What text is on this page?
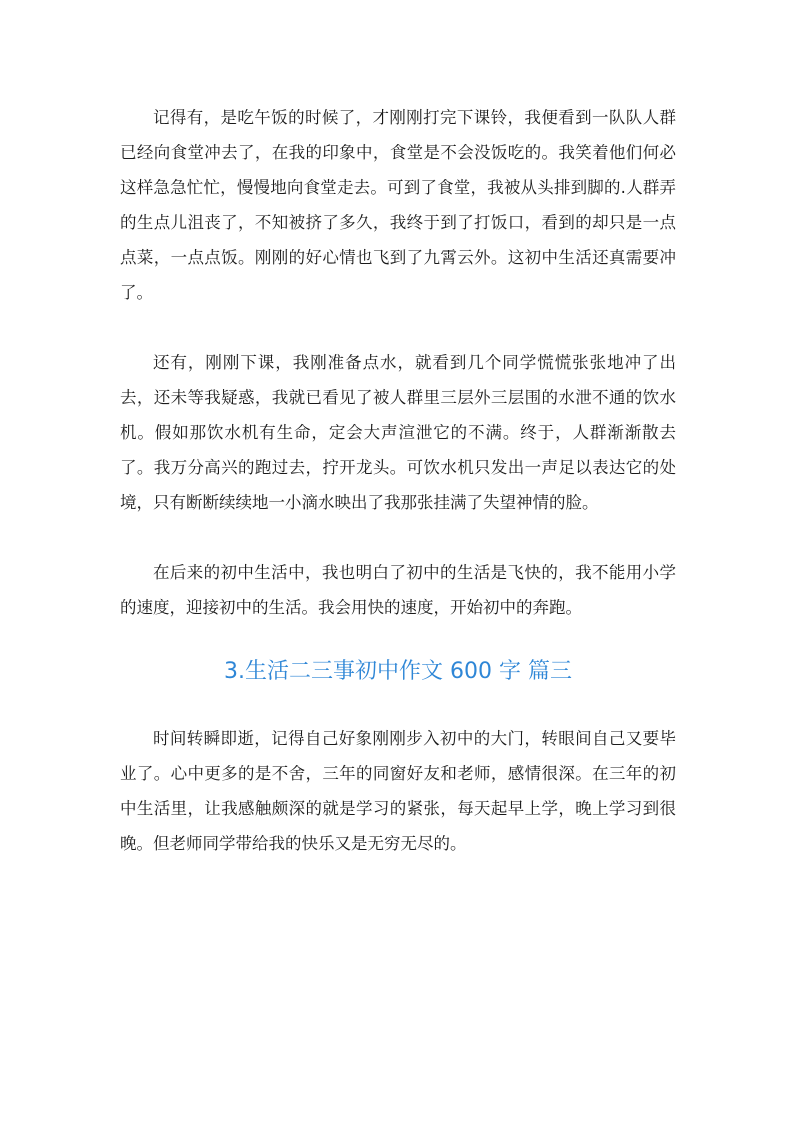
记得有，是吃午饭的时候了，才刚刚打完下课铃，我便看到一队队人群已经向食堂冲去了，在我的印象中，食堂是不会没饭吃的。我笑着他们何必这样急急忙忙，慢慢地向食堂走去。可到了食堂，我被从头排到脚的.人群弄的生点儿沮丧了，不知被挤了多久，我终于到了打饭口，看到的却只是一点点菜，一点点饭。刚刚的好心情也飞到了九霄云外。这初中生活还真需要冲了。

还有，刚刚下课，我刚准备点水，就看到几个同学慌慌张张地冲了出去，还未等我疑惑，我就已看见了被人群里三层外三层围的水泄不通的饮水机。假如那饮水机有生命，定会大声渲泄它的不满。终于，人群渐渐散去了。我万分高兴的跑过去，拧开龙头。可饮水机只发出一声足以表达它的处境，只有断断续续地一小滴水映出了我那张挂满了失望神情的脸。

在后来的初中生活中，我也明白了初中的生活是飞快的，我不能用小学的速度，迎接初中的生活。我会用快的速度，开始初中的奔跑。

3.生活二三事初中作文 600 字 篇三

时间转瞬即逝，记得自己好象刚刚步入初中的大门，转眼间自己又要毕业了。心中更多的是不舍，三年的同窗好友和老师，感情很深。在三年的初中生活里，让我感触颇深的就是学习的紧张，每天起早上学，晚上学习到很晚。但老师同学带给我的快乐又是无穷无尽的。
